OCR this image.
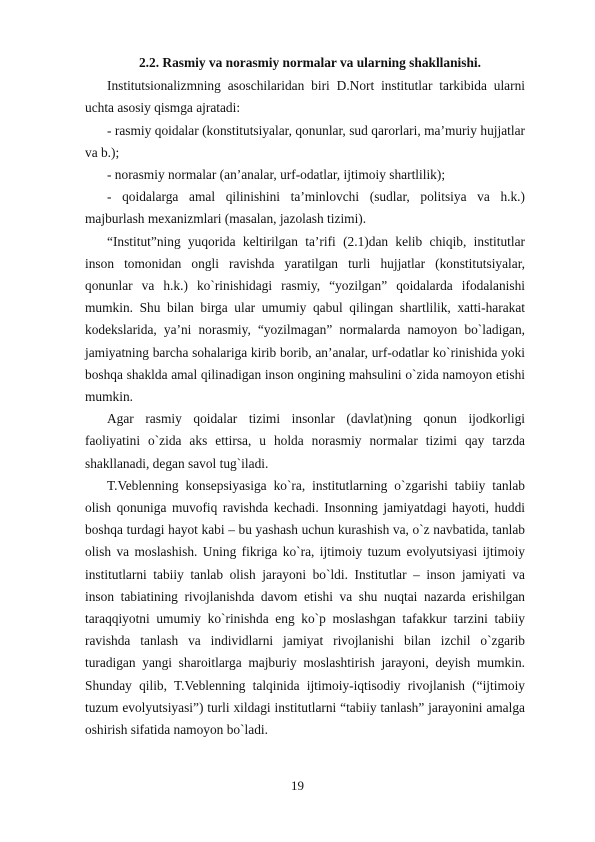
2.2. Rasmiy va norasmiy normalar va ularning shakllanishi.

Institutsionalizmning asoschilaridan biri D.Nort institutlar tarkibida ularni uchta asosiy qismga ajratadi:

- rasmiy qoidalar (konstitutsiyalar, qonunlar, sud qarorlari, ma’muriy hujjatlar va b.);

- norasmiy normalar (an’analar, urf-odatlar, ijtimoiy shartlilik);

- qoidalarga amal qilinishini ta’minlovchi (sudlar, politsiya va h.k.) majburlash mexanizmlari (masalan, jazolash tizimi).

“Institut”ning yuqorida keltirilgan ta’rifi (2.1)dan kelib chiqib, institutlar inson tomonidan ongli ravishda yaratilgan turli hujjatlar (konstitutsiyalar, qonunlar va h.k.) ko`rinishidagi rasmiy, “yozilgan” qoidalarda ifodalanishi mumkin. Shu bilan birga ular umumiy qabul qilingan shartlilik, xatti-harakat kodekslarida, ya’ni norasmiy, “yozilmagan” normalarda namoyon bo`ladigan, jamiyatning barcha sohalariga kirib borib, an’analar, urf-odatlar ko`rinishida yoki boshqa shaklda amal qilinadigan inson ongining mahsulini o`zida namoyon etishi mumkin.

Agar rasmiy qoidalar tizimi insonlar (davlat)ning qonun ijodkorligi faoliyatini o`zida aks ettirsa, u holda norasmiy normalar tizimi qay tarzda shakllanadi, degan savol tug`iladi.

T.Veblenning konsepsiyasiga ko`ra, institutlarning o`zgarishi tabiiy tanlab olish qonuniga muvofiq ravishda kechadi. Insonning jamiyatdagi hayoti, huddi boshqa turdagi hayot kabi – bu yashash uchun kurashish va, o`z navbatida, tanlab olish va moslashish. Uning fikriga ko`ra, ijtimoiy tuzum evolyutsiyasi ijtimoiy institutlarni tabiiy tanlab olish jarayoni bo`ldi. Institutlar – inson jamiyati va inson tabiatining rivojlanishda davom etishi va shu nuqtai nazarda erishilgan taraqqiyotni umumiy ko`rinishda eng ko`p moslashgan tafakkur tarzini tabiiy ravishda tanlash va individlarni jamiyat rivojlanishi bilan izchil o`zgarib turadigan yangi sharoitlarga majburiy moslashtirish jarayoni, deyish mumkin. Shunday qilib, T.Veblenning talqinida ijtimoiy-iqtisodiy rivojlanish (“ijtimoiy tuzum evolyutsiyasi”) turli xildagi institutlarni “tabiiy tanlash” jarayonini amalga oshirish sifatida namoyon bo`ladi.

19
